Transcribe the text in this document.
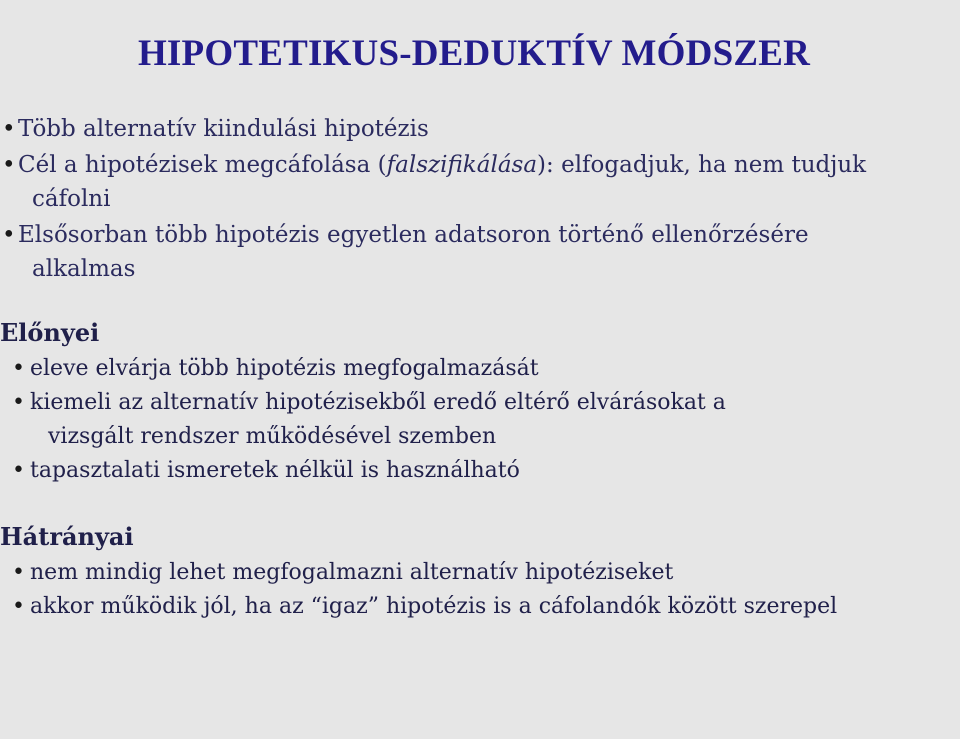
HIPOTETIKUS-DEDUKTÍV MÓDSZER
• Több alternatív kiindulási hipotézis
• Cél a hipotézisek megcáfolása (falszifikálása): elfogadjuk, ha nem tudjuk
cáfolni
• Elsősorban több hipotézis egyetlen adatsoron történő ellenőrzésére
alkalmas
Előnyei
• eleve elvárja több hipotézis megfogalmazását
• kiemeli az alternatív hipotézisekből eredő eltérő elvárásokat a
vizsgált rendszer működésével szemben
• tapasztalati ismeretek nélkül is használható
Hátrányai
• nem mindig lehet megfogalmazni alternatív hipotéziseket
• akkor működik jól, ha az “igaz” hipotézis is a cáfolandók között szerepel
